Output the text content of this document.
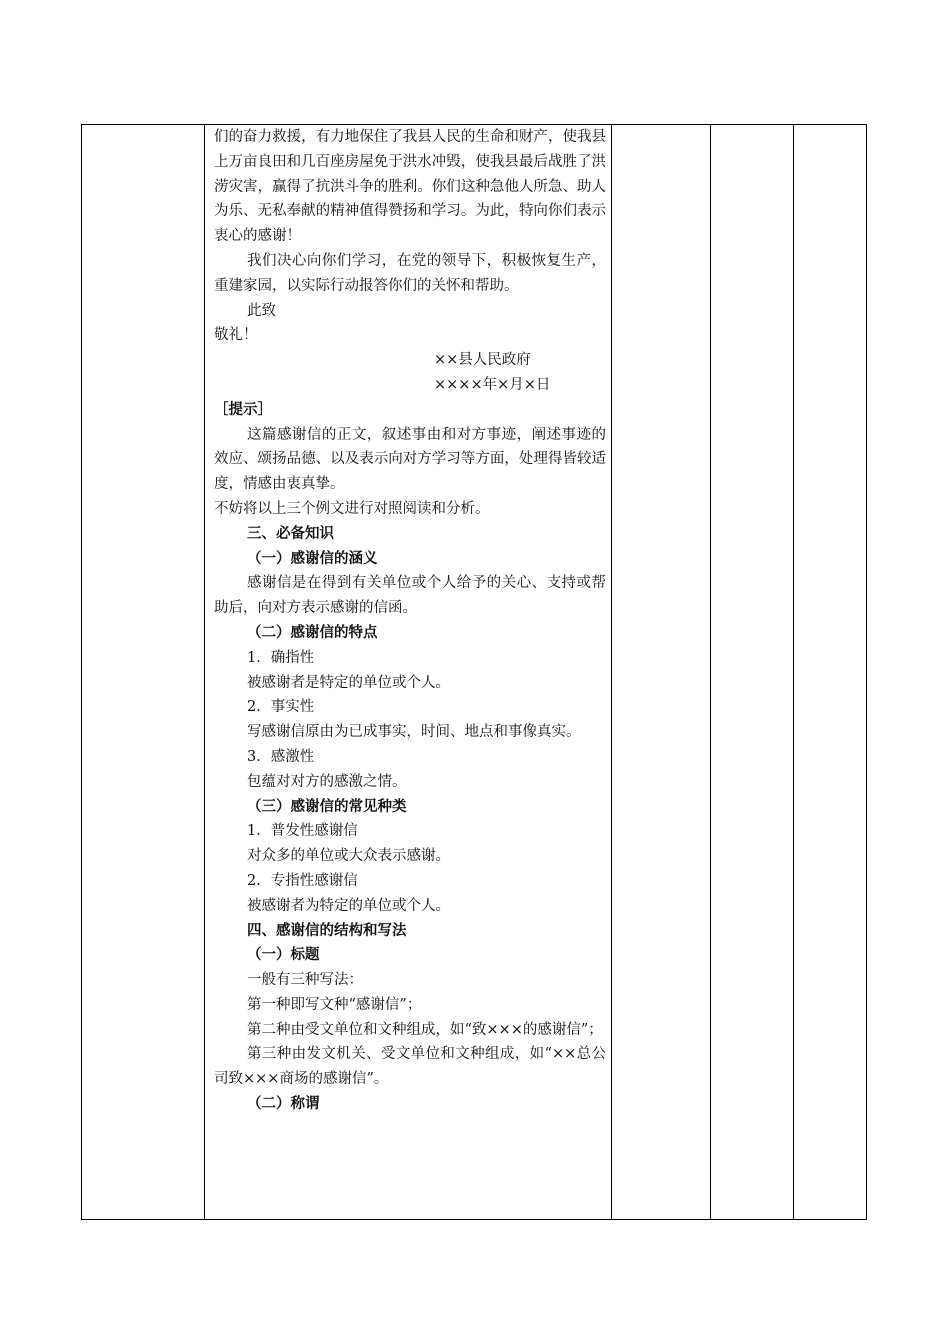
们的奋力救援，有力地保住了我县人民的生命和财产，使我县上万亩良田和几百座房屋免于洪水冲毁，使我县最后战胜了洪涝灾害，赢得了抗洪斗争的胜利。你们这种急他人所急、助人为乐、无私奉献的精神值得赞扬和学习。为此，特向你们表示衷心的感谢！

我们决心向你们学习，在党的领导下，积极恢复生产，重建家园，以实际行动报答你们的关怀和帮助。

此致

敬礼！

××县人民政府

××××年×月×日

［提示］

这篇感谢信的正文，叙述事由和对方事迹，阐述事迹的效应、颂扬品德、以及表示向对方学习等方面，处理得皆较适度，情感由衷真挚。

不妨将以上三个例文进行对照阅读和分析。

三、必备知识

（一）感谢信的涵义

感谢信是在得到有关单位或个人给予的关心、支持或帮助后，向对方表示感谢的信函。

（二）感谢信的特点

1．确指性

被感谢者是特定的单位或个人。

2．事实性

写感谢信原由为已成事实，时间、地点和事像真实。

3．感激性

包蕴对对方的感激之情。

（三）感谢信的常见种类

1．普发性感谢信

对众多的单位或大众表示感谢。

2．专指性感谢信

被感谢者为特定的单位或个人。

四、感谢信的结构和写法

（一）标题

一般有三种写法：

第一种即写文种“感谢信”；

第二种由受文单位和文种组成，如“致×××的感谢信”；

第三种由发文机关、受文单位和文种组成，如“××总公司致×××商场的感谢信”。

（二）称谓
